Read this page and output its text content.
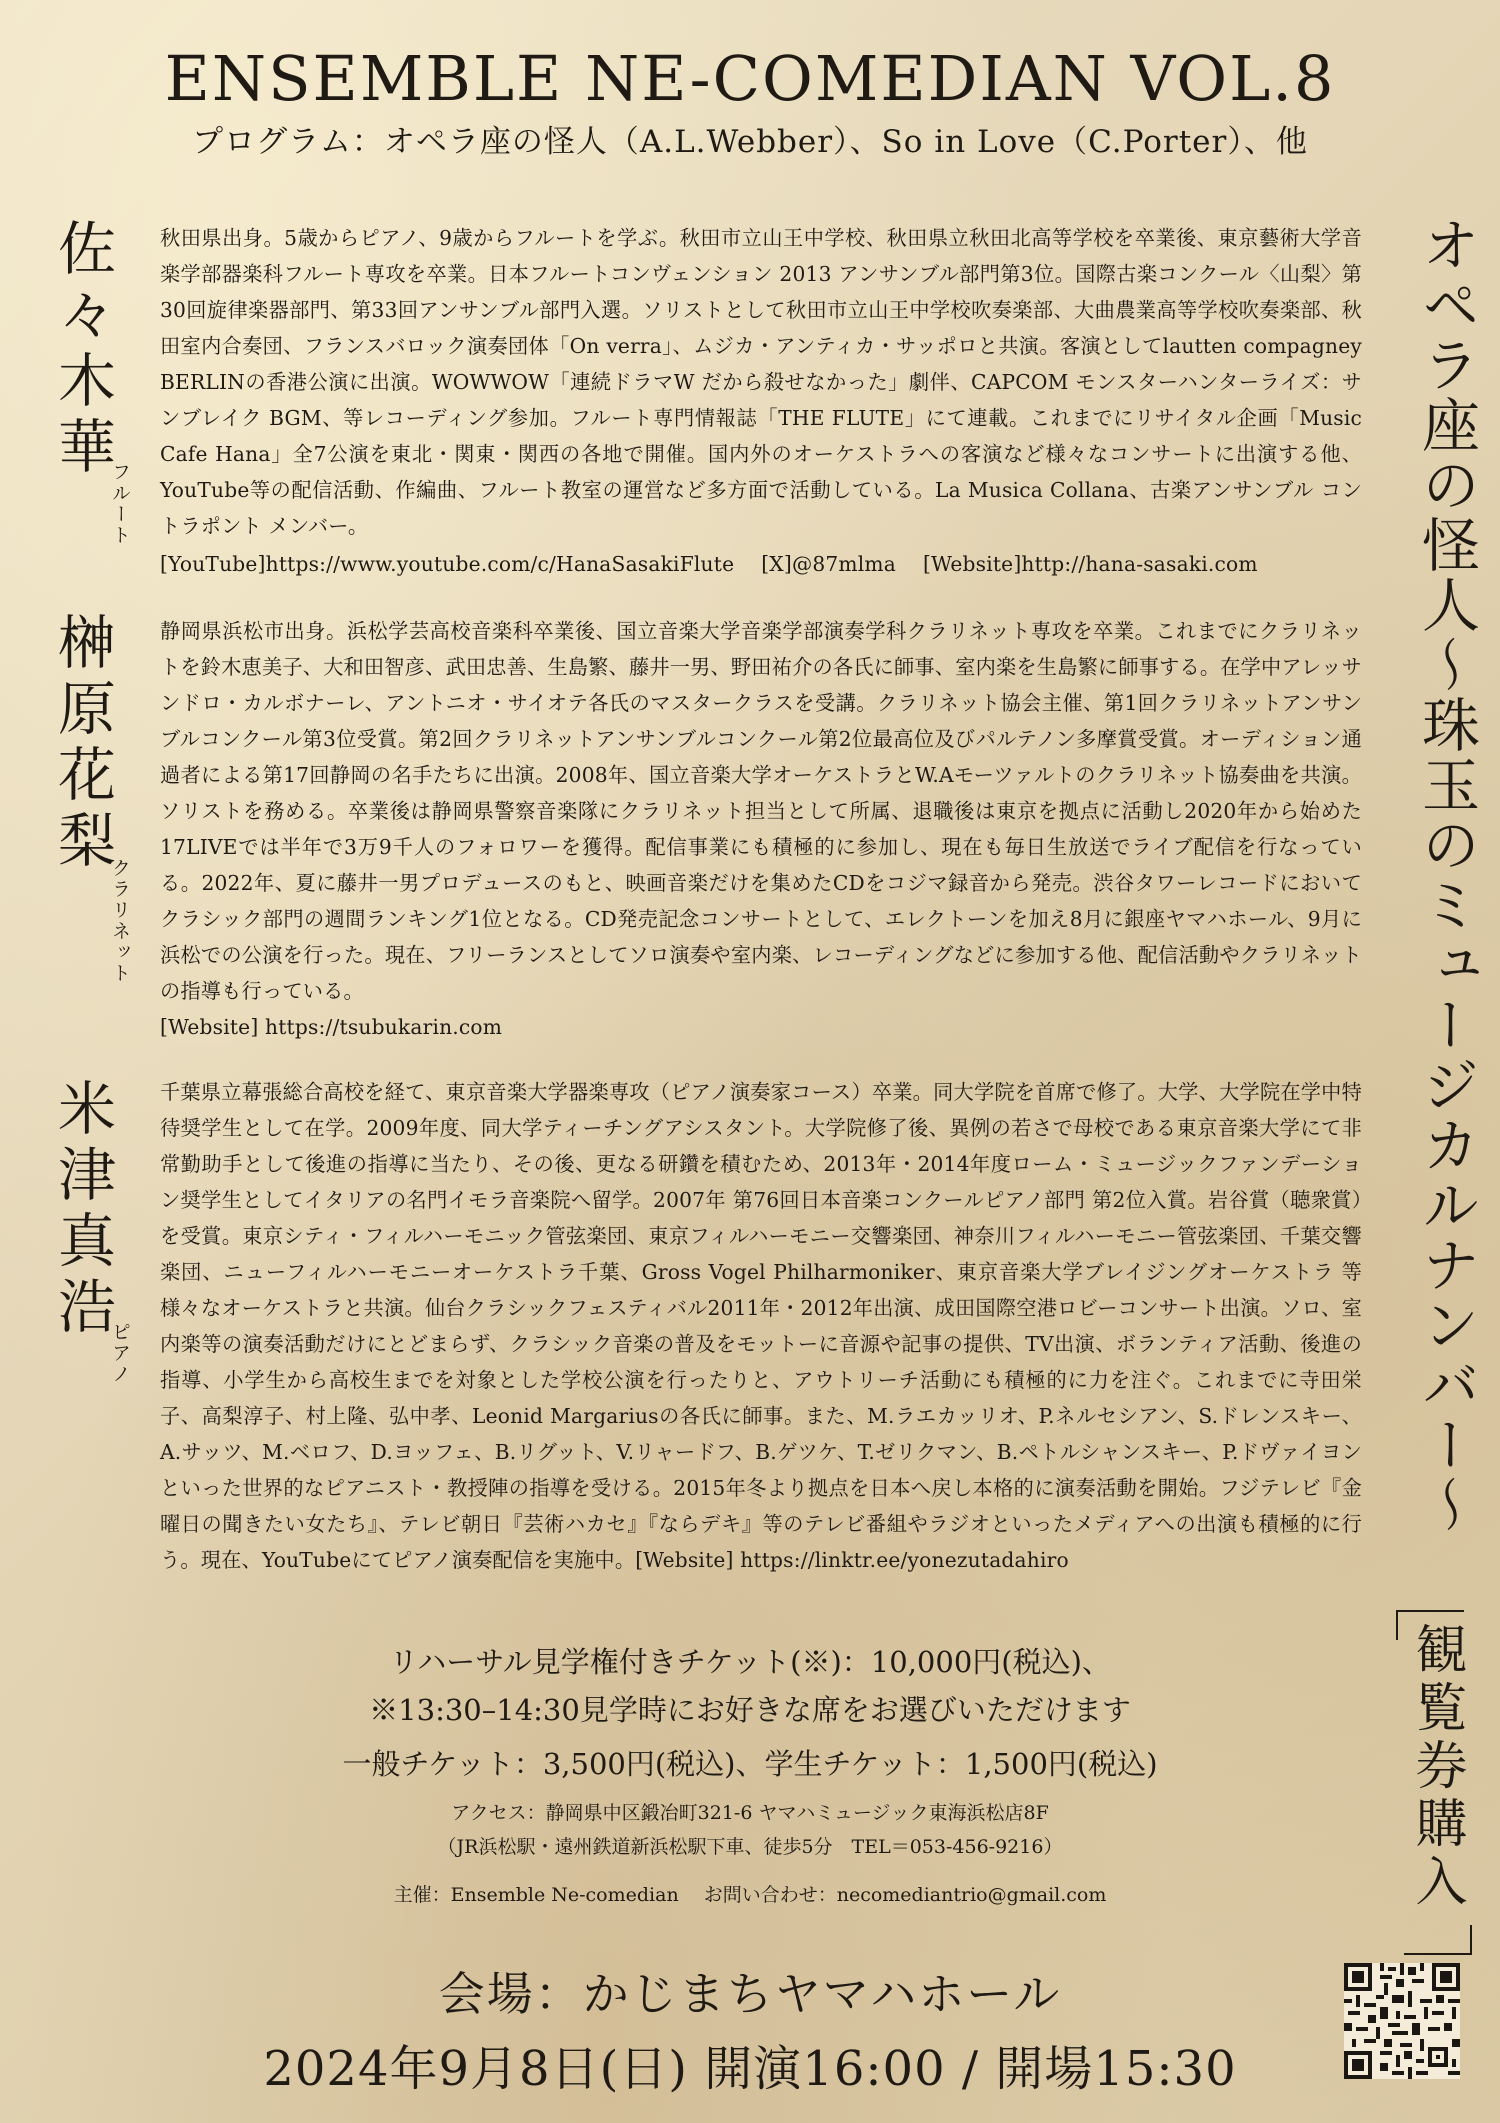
ENSEMBLE NE-COMEDIAN VOL.8
プログラム：オペラ座の怪人（A.L.Webber）、So in Love（C.Porter）、他
佐々木華
フルート

秋田県出身。5歳からピアノ、9歳からフルートを学ぶ。秋田市立山王中学校、秋田県立秋田北高等学校を卒業後、東京藝術大学音楽学部器楽科フルート専攻を卒業。日本フルートコンヴェンション 2013 アンサンブル部門第3位。国際古楽コンクール〈山梨〉第30回旋律楽器部門、第33回アンサンブル部門入選。ソリストとして秋田市立山王中学校吹奏楽部、大曲農業高等学校吹奏楽部、秋田室内合奏団、フランスバロック演奏団体「On verra」、ムジカ・アンティカ・サッポロと共演。客演としてlautten compagney BERLINの香港公演に出演。WOWWOW「連続ドラマW だから殺せなかった」劇伴、CAPCOM モンスターハンターライズ：サンブレイク BGM、等レコーディング参加。フルート専門情報誌「THE FLUTE」にて連載。これまでにリサイタル企画「Music Cafe Hana」全7公演を東北・関東・関西の各地で開催。国内外のオーケストラへの客演など様々なコンサートに出演する他、YouTube等の配信活動、作編曲、フルート教室の運営など多方面で活動している。La Musica Collana、古楽アンサンブル コントラポント メンバー。

[YouTube]https://www.youtube.com/c/HanaSasakiFlute　 [X]@87mlma　 [Website]http://hana-sasaki.com

榊原花梨
クラリネット

静岡県浜松市出身。浜松学芸高校音楽科卒業後、国立音楽大学音楽学部演奏学科クラリネット専攻を卒業。これまでにクラリネットを鈴木恵美子、大和田智彦、武田忠善、生島繁、藤井一男、野田祐介の各氏に師事、室内楽を生島繁に師事する。在学中アレッサンドロ・カルボナーレ、アントニオ・サイオテ各氏のマスタークラスを受講。クラリネット協会主催、第1回クラリネットアンサンブルコンクール第3位受賞。第2回クラリネットアンサンブルコンクール第2位最高位及びパルテノン多摩賞受賞。オーディション通過者による第17回静岡の名手たちに出演。2008年、国立音楽大学オーケストラとW.Aモーツァルトのクラリネット協奏曲を共演。ソリストを務める。卒業後は静岡県警察音楽隊にクラリネット担当として所属、退職後は東京を拠点に活動し2020年から始めた17LIVEでは半年で3万9千人のフォロワーを獲得。配信事業にも積極的に参加し、現在も毎日生放送でライブ配信を行なっている。2022年、夏に藤井一男プロデュースのもと、映画音楽だけを集めたCDをコジマ録音から発売。渋谷タワーレコードにおいてクラシック部門の週間ランキング1位となる。CD発売記念コンサートとして、エレクトーンを加え8月に銀座ヤマハホール、9月に浜松での公演を行った。現在、フリーランスとしてソロ演奏や室内楽、レコーディングなどに参加する他、配信活動やクラリネットの指導も行っている。

[Website] https://tsubukarin.com

米津真浩
ピアノ

千葉県立幕張総合高校を経て、東京音楽大学器楽専攻（ピアノ演奏家コース）卒業。同大学院を首席で修了。大学、大学院在学中特待奨学生として在学。2009年度、同大学ティーチングアシスタント。大学院修了後、異例の若さで母校である東京音楽大学にて非常勤助手として後進の指導に当たり、その後、更なる研鑽を積むため、2013年・2014年度ローム・ミュージックファンデーション奨学生としてイタリアの名門イモラ音楽院へ留学。2007年 第76回日本音楽コンクールピアノ部門 第2位入賞。岩谷賞（聴衆賞）を受賞。東京シティ・フィルハーモニック管弦楽団、東京フィルハーモニー交響楽団、神奈川フィルハーモニー管弦楽団、千葉交響楽団、ニューフィルハーモニーオーケストラ千葉、Gross Vogel Philharmoniker、東京音楽大学ブレイジングオーケストラ 等様々なオーケストラと共演。仙台クラシックフェスティバル2011年・2012年出演、成田国際空港ロビーコンサート出演。ソロ、室内楽等の演奏活動だけにとどまらず、クラシック音楽の普及をモットーに音源や記事の提供、TV出演、ボランティア活動、後進の指導、小学生から高校生までを対象とした学校公演を行ったりと、アウトリーチ活動にも積極的に力を注ぐ。これまでに寺田栄子、高梨淳子、村上隆、弘中孝、Leonid Margariusの各氏に師事。また、M.ラエカッリオ、P.ネルセシアン、S.ドレンスキー、A.サッツ、M.ベロフ、D.ヨッフェ、B.リグット、V.リャードフ、B.ゲツケ、T.ゼリクマン、B.ペトルシャンスキー、P.ドヴァイヨンといった世界的なピアニスト・教授陣の指導を受ける。2015年冬より拠点を日本へ戻し本格的に演奏活動を開始。フジテレビ『金曜日の聞きたい女たち』、テレビ朝日『芸術ハカセ』『ならデキ』等のテレビ番組やラジオといったメディアへの出演も積極的に行う。現在、YouTubeにてピアノ演奏配信を実施中。[Website] https://linktr.ee/yonezutadahiro

オペラ座の怪人～珠玉のミュージカルナンバー～
リハーサル見学権付きチケット(※)：10,000円(税込)、
※13:30–14:30見学時にお好きな席をお選びいただけます
一般チケット：3,500円(税込)、学生チケット：1,500円(税込)
アクセス：静岡県中区鍛冶町321-6 ヤマハミュージック東海浜松店8F
（JR浜松駅・遠州鉄道新浜松駅下車、徒歩5分　TEL＝053-456-9216）
主催：Ensemble Ne-comedian　 お問い合わせ：necomediantrio@gmail.com	観覧券購入
会場：かじまちヤマハホール
2024年9月8日(日) 開演16:00 / 開場15:30
